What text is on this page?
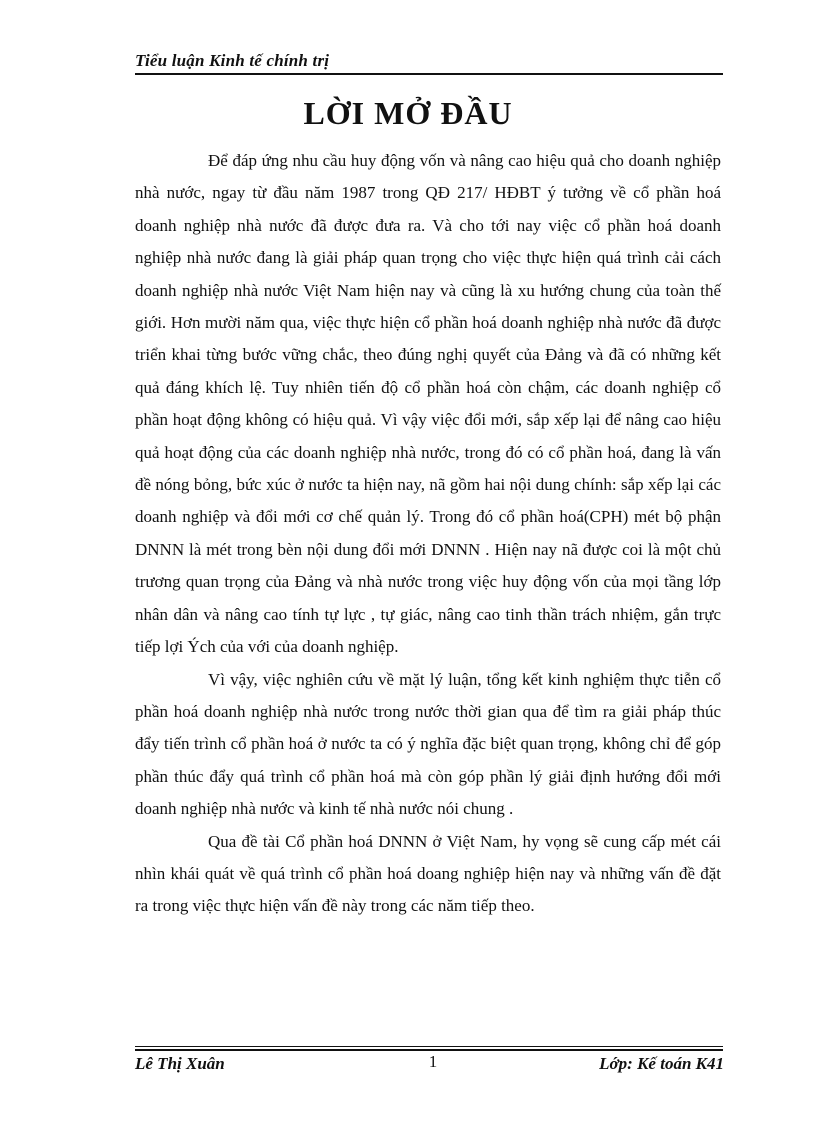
Tiểu luận Kinh tế chính trị
LỜI MỞ ĐẦU

Để đáp ứng nhu cầu huy động vốn và nâng cao hiệu quả cho doanh nghiệp nhà nước, ngay từ đầu năm 1987 trong QĐ 217/ HĐBT ý tưởng về cổ phần hoá doanh nghiệp nhà nước đã được đưa ra. Và cho tới nay việc cổ phần hoá doanh nghiệp nhà nước đang là giải pháp quan trọng cho việc thực hiện quá trình cải cách doanh nghiệp nhà nước Việt Nam hiện nay và cũng là xu hướng chung của toàn thế giới. Hơn mười năm qua, việc thực hiện cổ phần hoá doanh nghiệp nhà nước đã được triển khai từng bước vững chắc, theo đúng nghị quyết của Đảng và đã có những kết quả đáng khích lệ. Tuy nhiên tiến độ cổ phần hoá còn chậm, các doanh nghiệp cổ phần hoạt động không có hiệu quả. Vì vậy việc đổi mới, sắp xếp lại để nâng cao hiệu quả hoạt động của các doanh nghiệp nhà nước, trong đó có cổ phần hoá, đang là vấn đề nóng bỏng, bức xúc ở nước ta hiện nay, nã gồm hai nội dung chính: sắp xếp lại các doanh nghiệp và đổi mới cơ chế quản lý. Trong đó cổ phần hoá(CPH) mét bộ phận DNNN là mét trong bèn nội dung đổi mới DNNN . Hiện nay nã được coi là một chủ trương quan trọng của Đảng và nhà nước trong việc huy động vốn của mọi tầng lớp nhân dân và nâng cao tính tự lực , tự giác, nâng cao tinh thần trách nhiệm, gắn trực tiếp lợi Ých của với của doanh nghiệp.

Vì vậy, việc nghiên cứu về mặt lý luận, tổng kết kinh nghiệm thực tiễn cổ phần hoá doanh nghiệp nhà nước trong nước thời gian qua để tìm ra giải pháp thúc đẩy tiến trình cổ phần hoá ở nước ta có ý nghĩa đặc biệt quan trọng, không chỉ để góp phần thúc đẩy quá trình cổ phần hoá mà còn góp phần lý giải định hướng đổi mới doanh nghiệp nhà nước và kinh tế nhà nước nói chung .

Qua đề tài Cổ phần hoá DNNN ở Việt Nam, hy vọng sẽ cung cấp mét cái nhìn khái quát về quá trình cổ phần hoá doang nghiệp hiện nay và những vấn đề đặt ra trong việc thực hiện vấn đề này trong các năm tiếp theo.

Lê Thị Xuân	1	Lớp: Kế toán K41
